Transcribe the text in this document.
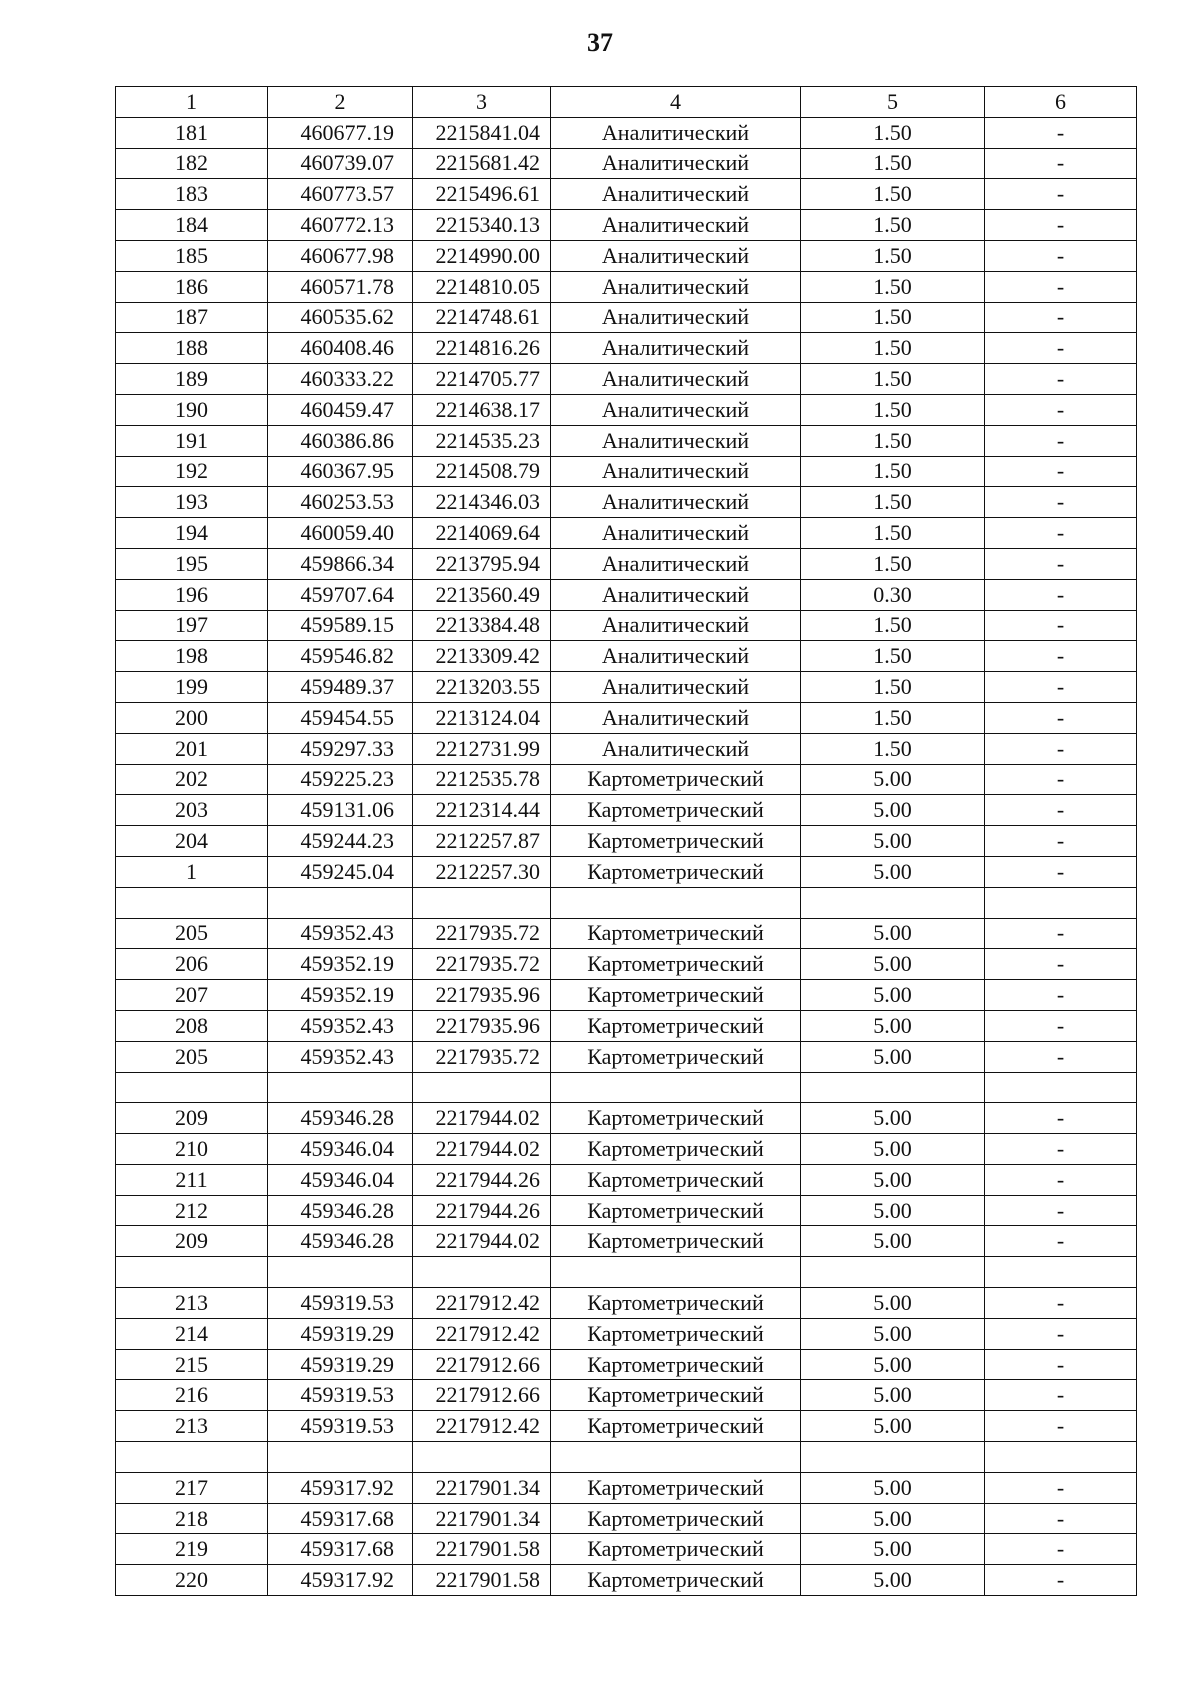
37
1	2	3	4	5	6
181	460677.19	2215841.04	Аналитический	1.50	-
182	460739.07	2215681.42	Аналитический	1.50	-
183	460773.57	2215496.61	Аналитический	1.50	-
184	460772.13	2215340.13	Аналитический	1.50	-
185	460677.98	2214990.00	Аналитический	1.50	-
186	460571.78	2214810.05	Аналитический	1.50	-
187	460535.62	2214748.61	Аналитический	1.50	-
188	460408.46	2214816.26	Аналитический	1.50	-
189	460333.22	2214705.77	Аналитический	1.50	-
190	460459.47	2214638.17	Аналитический	1.50	-
191	460386.86	2214535.23	Аналитический	1.50	-
192	460367.95	2214508.79	Аналитический	1.50	-
193	460253.53	2214346.03	Аналитический	1.50	-
194	460059.40	2214069.64	Аналитический	1.50	-
195	459866.34	2213795.94	Аналитический	1.50	-
196	459707.64	2213560.49	Аналитический	0.30	-
197	459589.15	2213384.48	Аналитический	1.50	-
198	459546.82	2213309.42	Аналитический	1.50	-
199	459489.37	2213203.55	Аналитический	1.50	-
200	459454.55	2213124.04	Аналитический	1.50	-
201	459297.33	2212731.99	Аналитический	1.50	-
202	459225.23	2212535.78	Картометрический	5.00	-
203	459131.06	2212314.44	Картометрический	5.00	-
204	459244.23	2212257.87	Картометрический	5.00	-
1	459245.04	2212257.30	Картометрический	5.00	-

205	459352.43	2217935.72	Картометрический	5.00	-
206	459352.19	2217935.72	Картометрический	5.00	-
207	459352.19	2217935.96	Картометрический	5.00	-
208	459352.43	2217935.96	Картометрический	5.00	-
205	459352.43	2217935.72	Картометрический	5.00	-

209	459346.28	2217944.02	Картометрический	5.00	-
210	459346.04	2217944.02	Картометрический	5.00	-
211	459346.04	2217944.26	Картометрический	5.00	-
212	459346.28	2217944.26	Картометрический	5.00	-
209	459346.28	2217944.02	Картометрический	5.00	-

213	459319.53	2217912.42	Картометрический	5.00	-
214	459319.29	2217912.42	Картометрический	5.00	-
215	459319.29	2217912.66	Картометрический	5.00	-
216	459319.53	2217912.66	Картометрический	5.00	-
213	459319.53	2217912.42	Картометрический	5.00	-

217	459317.92	2217901.34	Картометрический	5.00	-
218	459317.68	2217901.34	Картометрический	5.00	-
219	459317.68	2217901.58	Картометрический	5.00	-
220	459317.92	2217901.58	Картометрический	5.00	-
